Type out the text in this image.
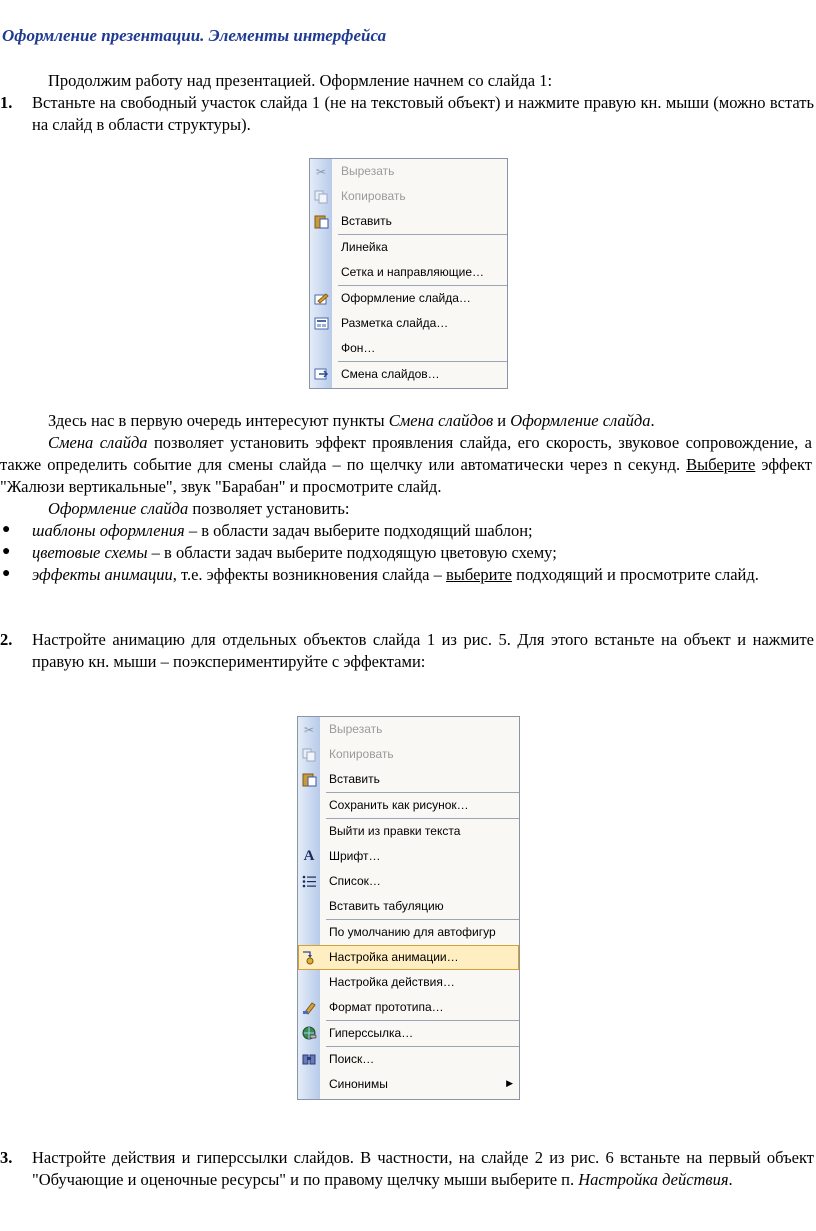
Оформление презентации. Элементы интерфейса
Продолжим работу над презентацией. Оформление начнем со слайда 1:
1. Встаньте на свободный участок слайда 1 (не на текстовый объект) и нажмите правую кн. мыши (можно встать на слайд в области структуры).
✂ Вырезать
Копировать
Вставить
Линейка
Сетка и направляющие…
Оформление слайда…
Разметка слайда…
Фон…
Смена слайдов…
Здесь нас в первую очередь интересуют пункты Смена слайдов и Оформление слайда.
Смена слайда позволяет установить эффект проявления слайда, его скорость, звуковое сопровождение, а также определить событие для смены слайда – по щелчку или автоматически через n секунд. Выберите эффект "Жалюзи вертикальные", звук "Барабан" и просмотрите слайд.
Оформление слайда позволяет установить:
● шаблоны оформления – в области задач выберите подходящий шаблон;
● цветовые схемы – в области задач выберите подходящую цветовую схему;
● эффекты анимации, т.е. эффекты возникновения слайда – выберите подходящий и просмотрите слайд.
2. Настройте анимацию для отдельных объектов слайда 1 из рис. 5. Для этого встаньте на объект и нажмите правую кн. мыши – поэкспериментируйте с эффектами:
✂ Вырезать
Копировать
Вставить
Сохранить как рисунок…
Выйти из правки текста
A Шрифт…
Список…
Вставить табуляцию
По умолчанию для автофигур
Настройка анимации…
Настройка действия…
Формат прототипа…
Гиперссылка…
Поиск…
Синонимы	▶
3. Настройте действия и гиперссылки слайдов. В частности, на слайде 2 из рис. 6 встаньте на первый объект "Обучающие и оценочные ресурсы" и по правому щелчку мыши выберите п. Настройка действия.
